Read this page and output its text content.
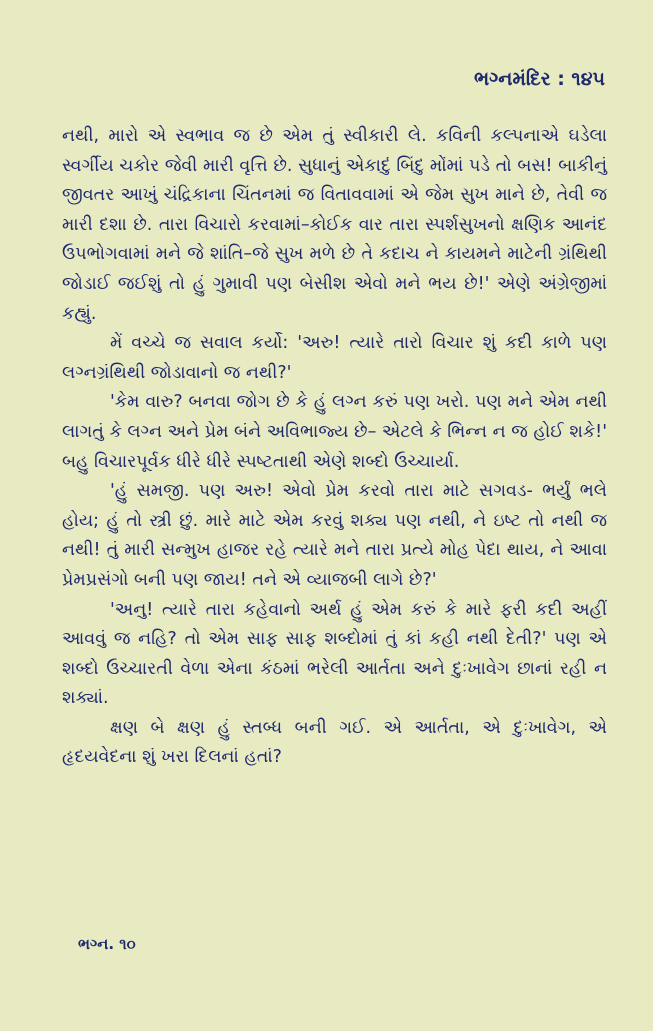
ભગ્નમંદિર : ૧૪૫

નથી, મારો એ સ્વભાવ જ છે એમ તું સ્વીકારી લે. કવિની કલ્પનાએ ઘડેલા સ્વર્ગીય ચકોર જેવી મારી વૃત્તિ છે. સુધાનું એકાદું બિંદુ મોંમાં પડે તો બસ! બાકીનું જીવતર આખું ચંદ્રિકાના ચિંતનમાં જ વિતાવવામાં એ જેમ સુખ માને છે, તેવી જ મારી દશા છે. તારા વિચારો કરવામાં–કોઈક વાર તારા સ્પર્શસુખનો ક્ષણિક આનંદ ઉપભોગવામાં મને જે શાંતિ–જે સુખ મળે છે તે કદાચ ને કાયમને માટેની ગ્રંથિથી જોડાઈ જઈશું તો હું ગુમાવી પણ બેસીશ એવો મને ભય છે!' એણે અંગ્રેજીમાં કહ્યું.

મેં વચ્ચે જ સવાલ કર્યો: 'અરુ! ત્યારે તારો વિચાર શું કદી કાળે પણ લગ્નગ્રંથિથી જોડાવાનો જ નથી?'

'કેમ વારુ? બનવા જોગ છે કે હું લગ્ન કરું પણ ખરો. પણ મને એમ નથી લાગતું કે લગ્ન અને પ્રેમ બંને અવિભાજ્ય છે– એટલે કે ભિન્ન ન જ હોઈ શકે!' બહુ વિચારપૂર્વક ધીરે ધીરે સ્પષ્ટતાથી એણે શબ્દો ઉચ્ચાર્યા.

'હું સમજી. પણ અરુ! એવો પ્રેમ કરવો તારા માટે સગવડ- ભર્યું ભલે હોય; હું તો સ્ત્રી છું. મારે માટે એમ કરવું શક્ય પણ નથી, ને ઇષ્ટ તો નથી જ નથી! તું મારી સન્મુખ હાજર રહે ત્યારે મને તારા પ્રત્યે મોહ પેદા થાય, ને આવા પ્રેમપ્રસંગો બની પણ જાય! તને એ વ્યાજબી લાગે છે?'

'અનુ! ત્યારે તારા કહેવાનો અર્થ હું એમ કરું કે મારે ફરી કદી અહીં આવવું જ નહિ? તો એમ સાફ સાફ શબ્દોમાં તું કાં કહી નથી દેતી?' પણ એ શબ્દો ઉચ્ચારતી વેળા એના કંઠમાં ભરેલી આર્તતા અને દુઃખાવેગ છાનાં રહી ન શક્યાં.

ક્ષણ બે ક્ષણ હું સ્તબ્ધ બની ગઈ. એ આર્તતા, એ દુઃખાવેગ, એ હૃદયવેદના શું ખરા દિલનાં હતાં?

ભગ્ન. ૧૦
